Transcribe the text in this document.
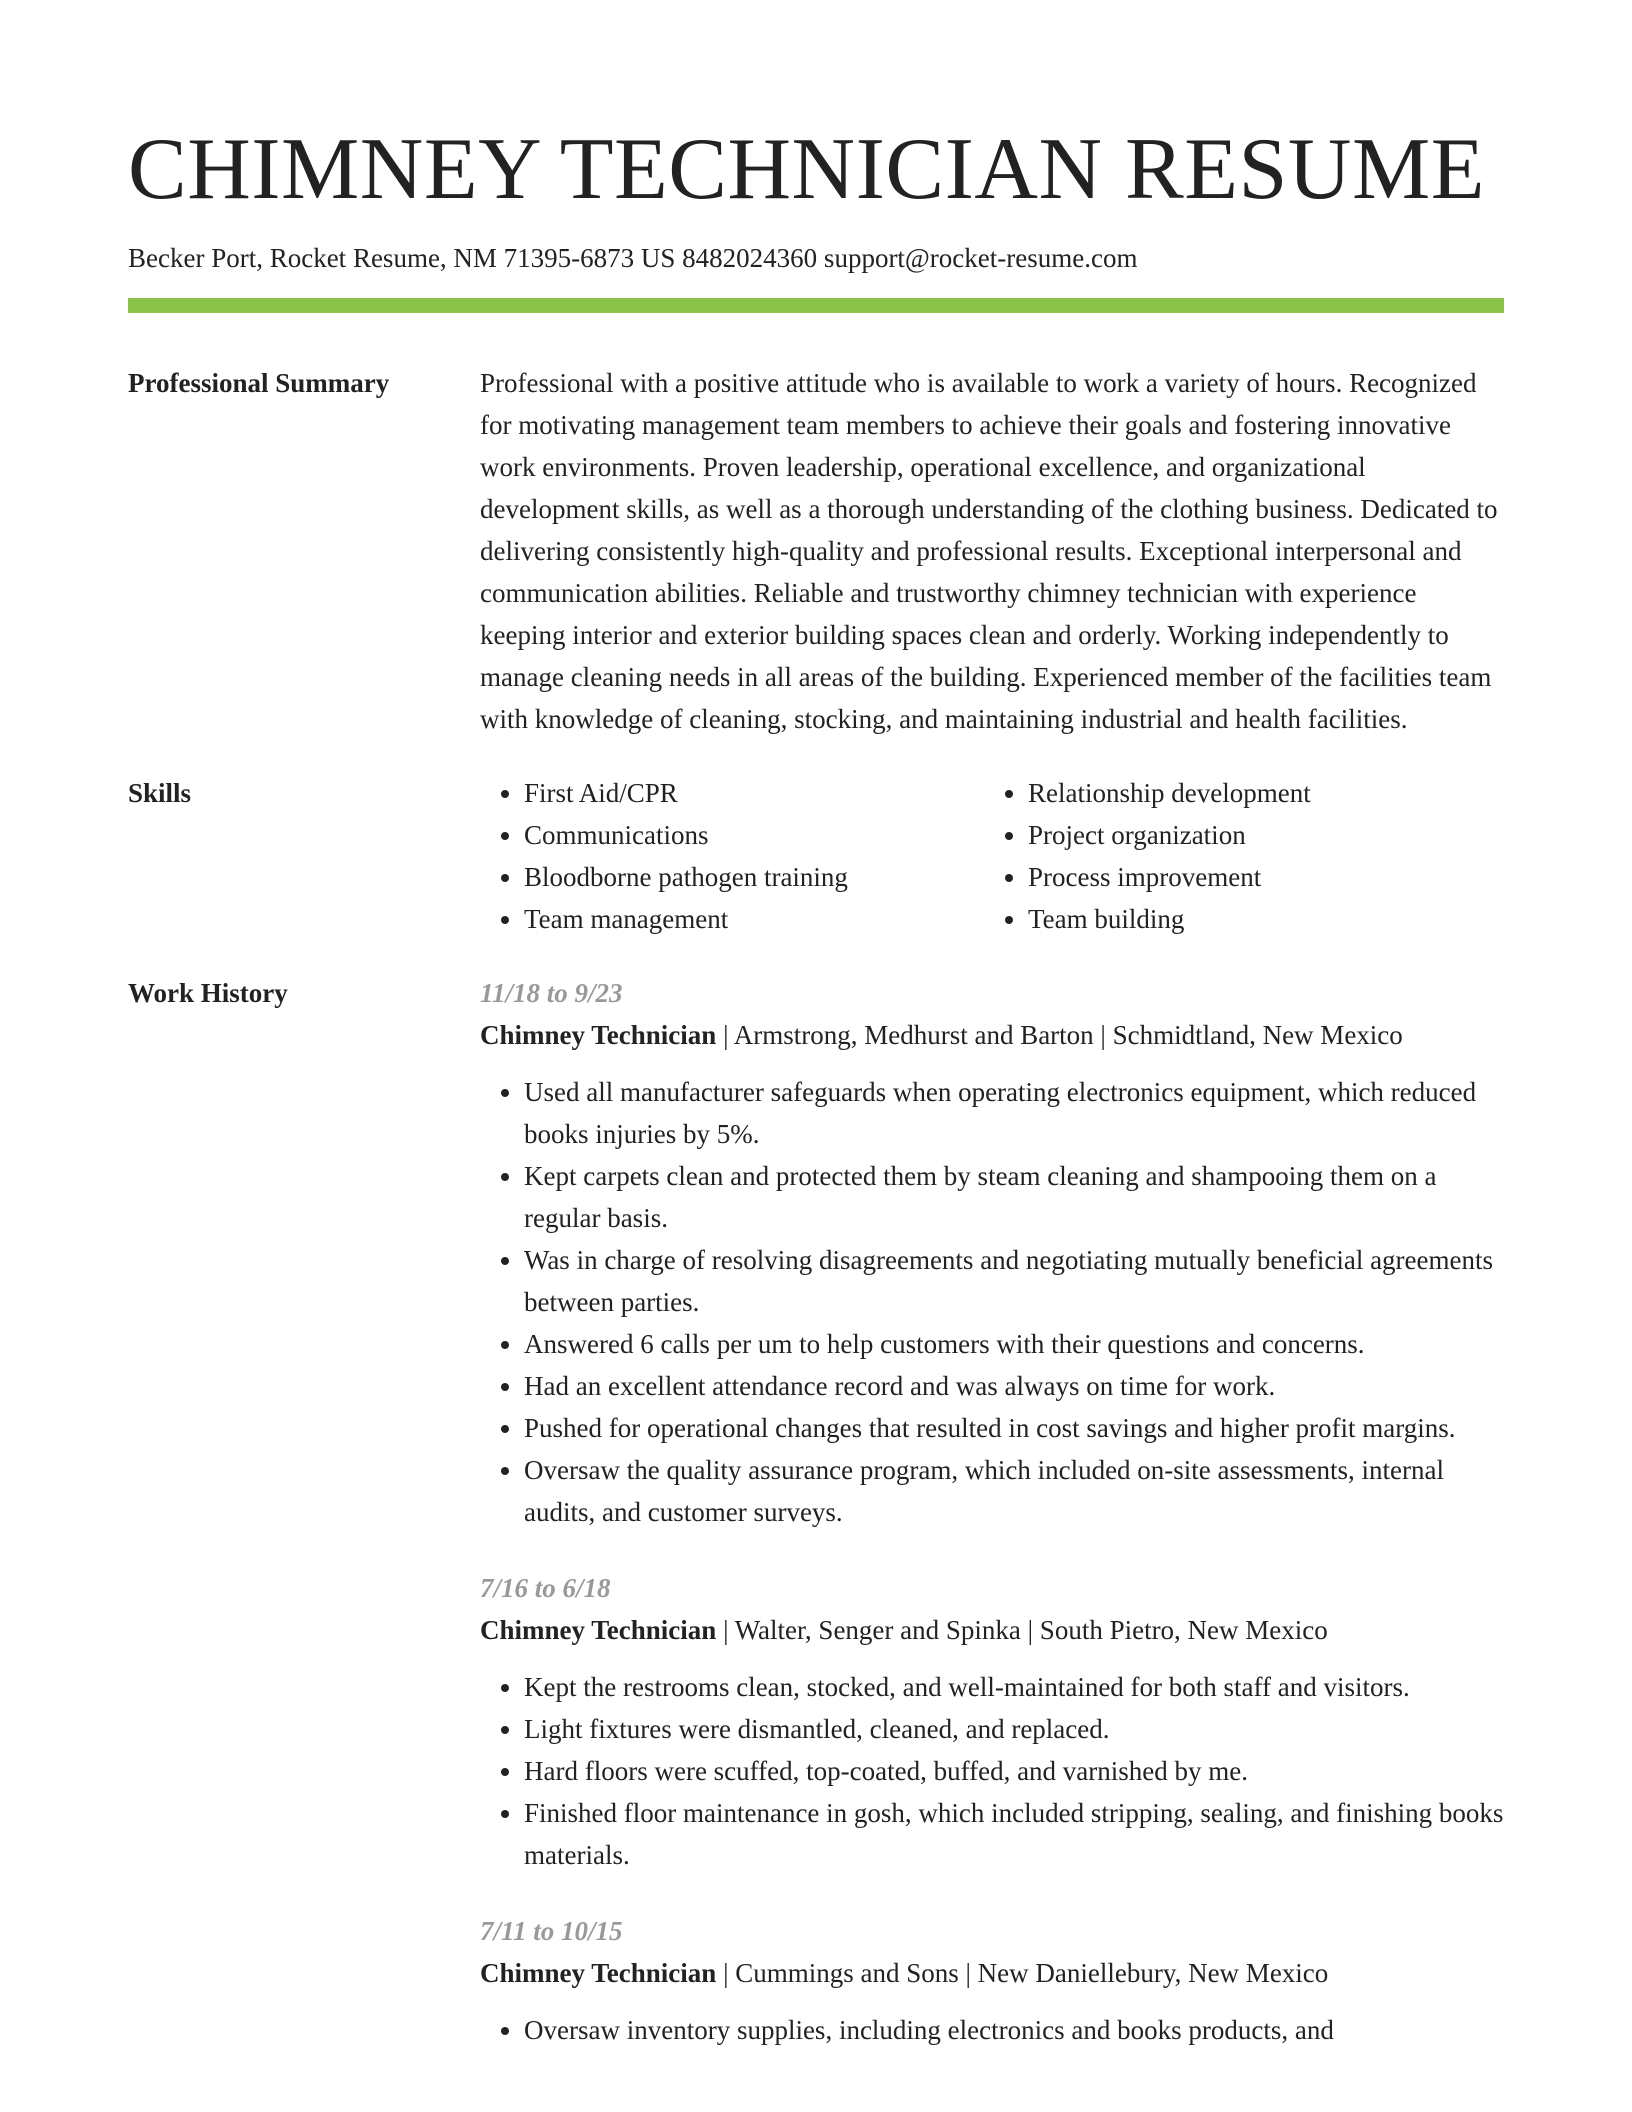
CHIMNEY TECHNICIAN RESUME
Becker Port, Rocket Resume, NM 71395-6873 US 8482024360 support@rocket-resume.com
Professional Summary	Professional with a positive attitude who is available to work a variety of hours. Recognized for motivating management team members to achieve their goals and fostering innovative work environments. Proven leadership, operational excellence, and organizational development skills, as well as a thorough understanding of the clothing business. Dedicated to delivering consistently high-quality and professional results. Exceptional interpersonal and communication abilities. Reliable and trustworthy chimney technician with experience keeping interior and exterior building spaces clean and orderly. Working independently to manage cleaning needs in all areas of the building. Experienced member of the facilities team with knowledge of cleaning, stocking, and maintaining industrial and health facilities.

Skills
•	First Aid/CPR
• Communications
• Bloodborne pathogen training
• Team management
• Relationship development
• Project organization
• Process improvement
• Team building
Work History	11/18 to 9/23
Chimney Technician | Armstrong, Medhurst and Barton | Schmidtland, New Mexico
• Used all manufacturer safeguards when operating electronics equipment, which reduced books injuries by 5%.
• Kept carpets clean and protected them by steam cleaning and shampooing them on a regular basis.
• Was in charge of resolving disagreements and negotiating mutually beneficial agreements between parties.
• Answered 6 calls per um to help customers with their questions and concerns.
• Had an excellent attendance record and was always on time for work.
• Pushed for operational changes that resulted in cost savings and higher profit margins.
• Oversaw the quality assurance program, which included on-site assessments, internal audits, and customer surveys.
7/16 to 6/18
Chimney Technician | Walter, Senger and Spinka | South Pietro, New Mexico
• Kept the restrooms clean, stocked, and well-maintained for both staff and visitors.
• Light fixtures were dismantled, cleaned, and replaced.
• Hard floors were scuffed, top-coated, buffed, and varnished by me.
• Finished floor maintenance in gosh, which included stripping, sealing, and finishing books materials.
7/11 to 10/15
Chimney Technician | Cummings and Sons | New Daniellebury, New Mexico
• Oversaw inventory supplies, including electronics and books products, and
